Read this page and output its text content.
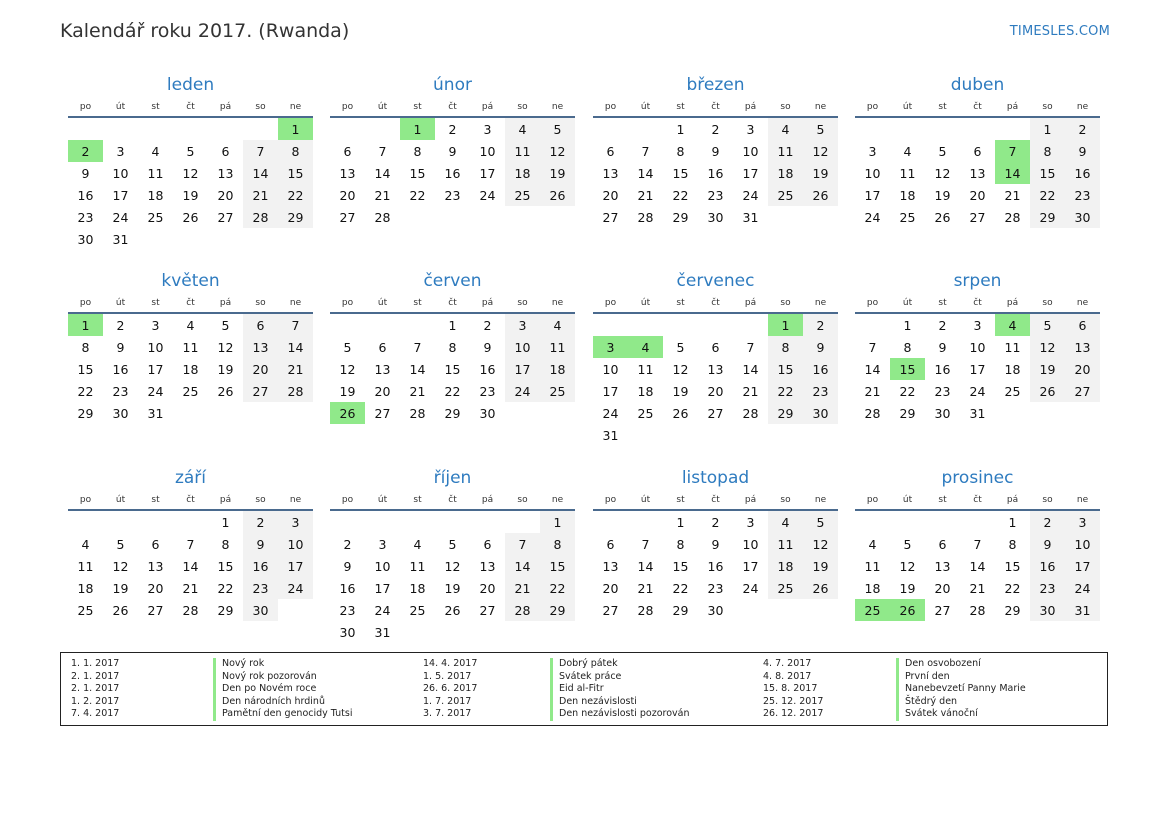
Kalendář roku 2017. (Rwanda)	TIMESLES.COM
leden
po	út	st	čt	pá	so	ne
						1
2	3	4	5	6	7	8
9	10	11	12	13	14	15
16	17	18	19	20	21	22
23	24	25	26	27	28	29
30	31					
únor
po	út	st	čt	pá	so	ne
		1	2	3	4	5
6	7	8	9	10	11	12
13	14	15	16	17	18	19
20	21	22	23	24	25	26
27	28					
březen
po	út	st	čt	pá	so	ne
		1	2	3	4	5
6	7	8	9	10	11	12
13	14	15	16	17	18	19
20	21	22	23	24	25	26
27	28	29	30	31		
duben
po	út	st	čt	pá	so	ne
					1	2
3	4	5	6	7	8	9
10	11	12	13	14	15	16
17	18	19	20	21	22	23
24	25	26	27	28	29	30
květen
po	út	st	čt	pá	so	ne
1	2	3	4	5	6	7
8	9	10	11	12	13	14
15	16	17	18	19	20	21
22	23	24	25	26	27	28
29	30	31				
červen
po	út	st	čt	pá	so	ne
			1	2	3	4
5	6	7	8	9	10	11
12	13	14	15	16	17	18
19	20	21	22	23	24	25
26	27	28	29	30		
červenec
po	út	st	čt	pá	so	ne
					1	2
3	4	5	6	7	8	9
10	11	12	13	14	15	16
17	18	19	20	21	22	23
24	25	26	27	28	29	30
31						
srpen
po	út	st	čt	pá	so	ne
	1	2	3	4	5	6
7	8	9	10	11	12	13
14	15	16	17	18	19	20
21	22	23	24	25	26	27
28	29	30	31			
září
po	út	st	čt	pá	so	ne
				1	2	3
4	5	6	7	8	9	10
11	12	13	14	15	16	17
18	19	20	21	22	23	24
25	26	27	28	29	30	
říjen
po	út	st	čt	pá	so	ne
						1
2	3	4	5	6	7	8
9	10	11	12	13	14	15
16	17	18	19	20	21	22
23	24	25	26	27	28	29
30	31					
listopad
po	út	st	čt	pá	so	ne
		1	2	3	4	5
6	7	8	9	10	11	12
13	14	15	16	17	18	19
20	21	22	23	24	25	26
27	28	29	30			
prosinec
po	út	st	čt	pá	so	ne
				1	2	3
4	5	6	7	8	9	10
11	12	13	14	15	16	17
18	19	20	21	22	23	24
25	26	27	28	29	30	31
1. 1. 2017	Nový rok
2. 1. 2017	Nový rok pozorován
2. 1. 2017	Den po Novém roce
1. 2. 2017	Den národních hrdinů
7. 4. 2017	Pamětní den genocidy Tutsi
14. 4. 2017	Dobrý pátek
1. 5. 2017	Svátek práce
26. 6. 2017	Eid al-Fitr
1. 7. 2017	Den nezávislosti
3. 7. 2017	Den nezávislosti pozorován
4. 7. 2017	Den osvobození
4. 8. 2017	První den
15. 8. 2017	Nanebevzetí Panny Marie
25. 12. 2017	Štědrý den
26. 12. 2017	Svátek vánoční
